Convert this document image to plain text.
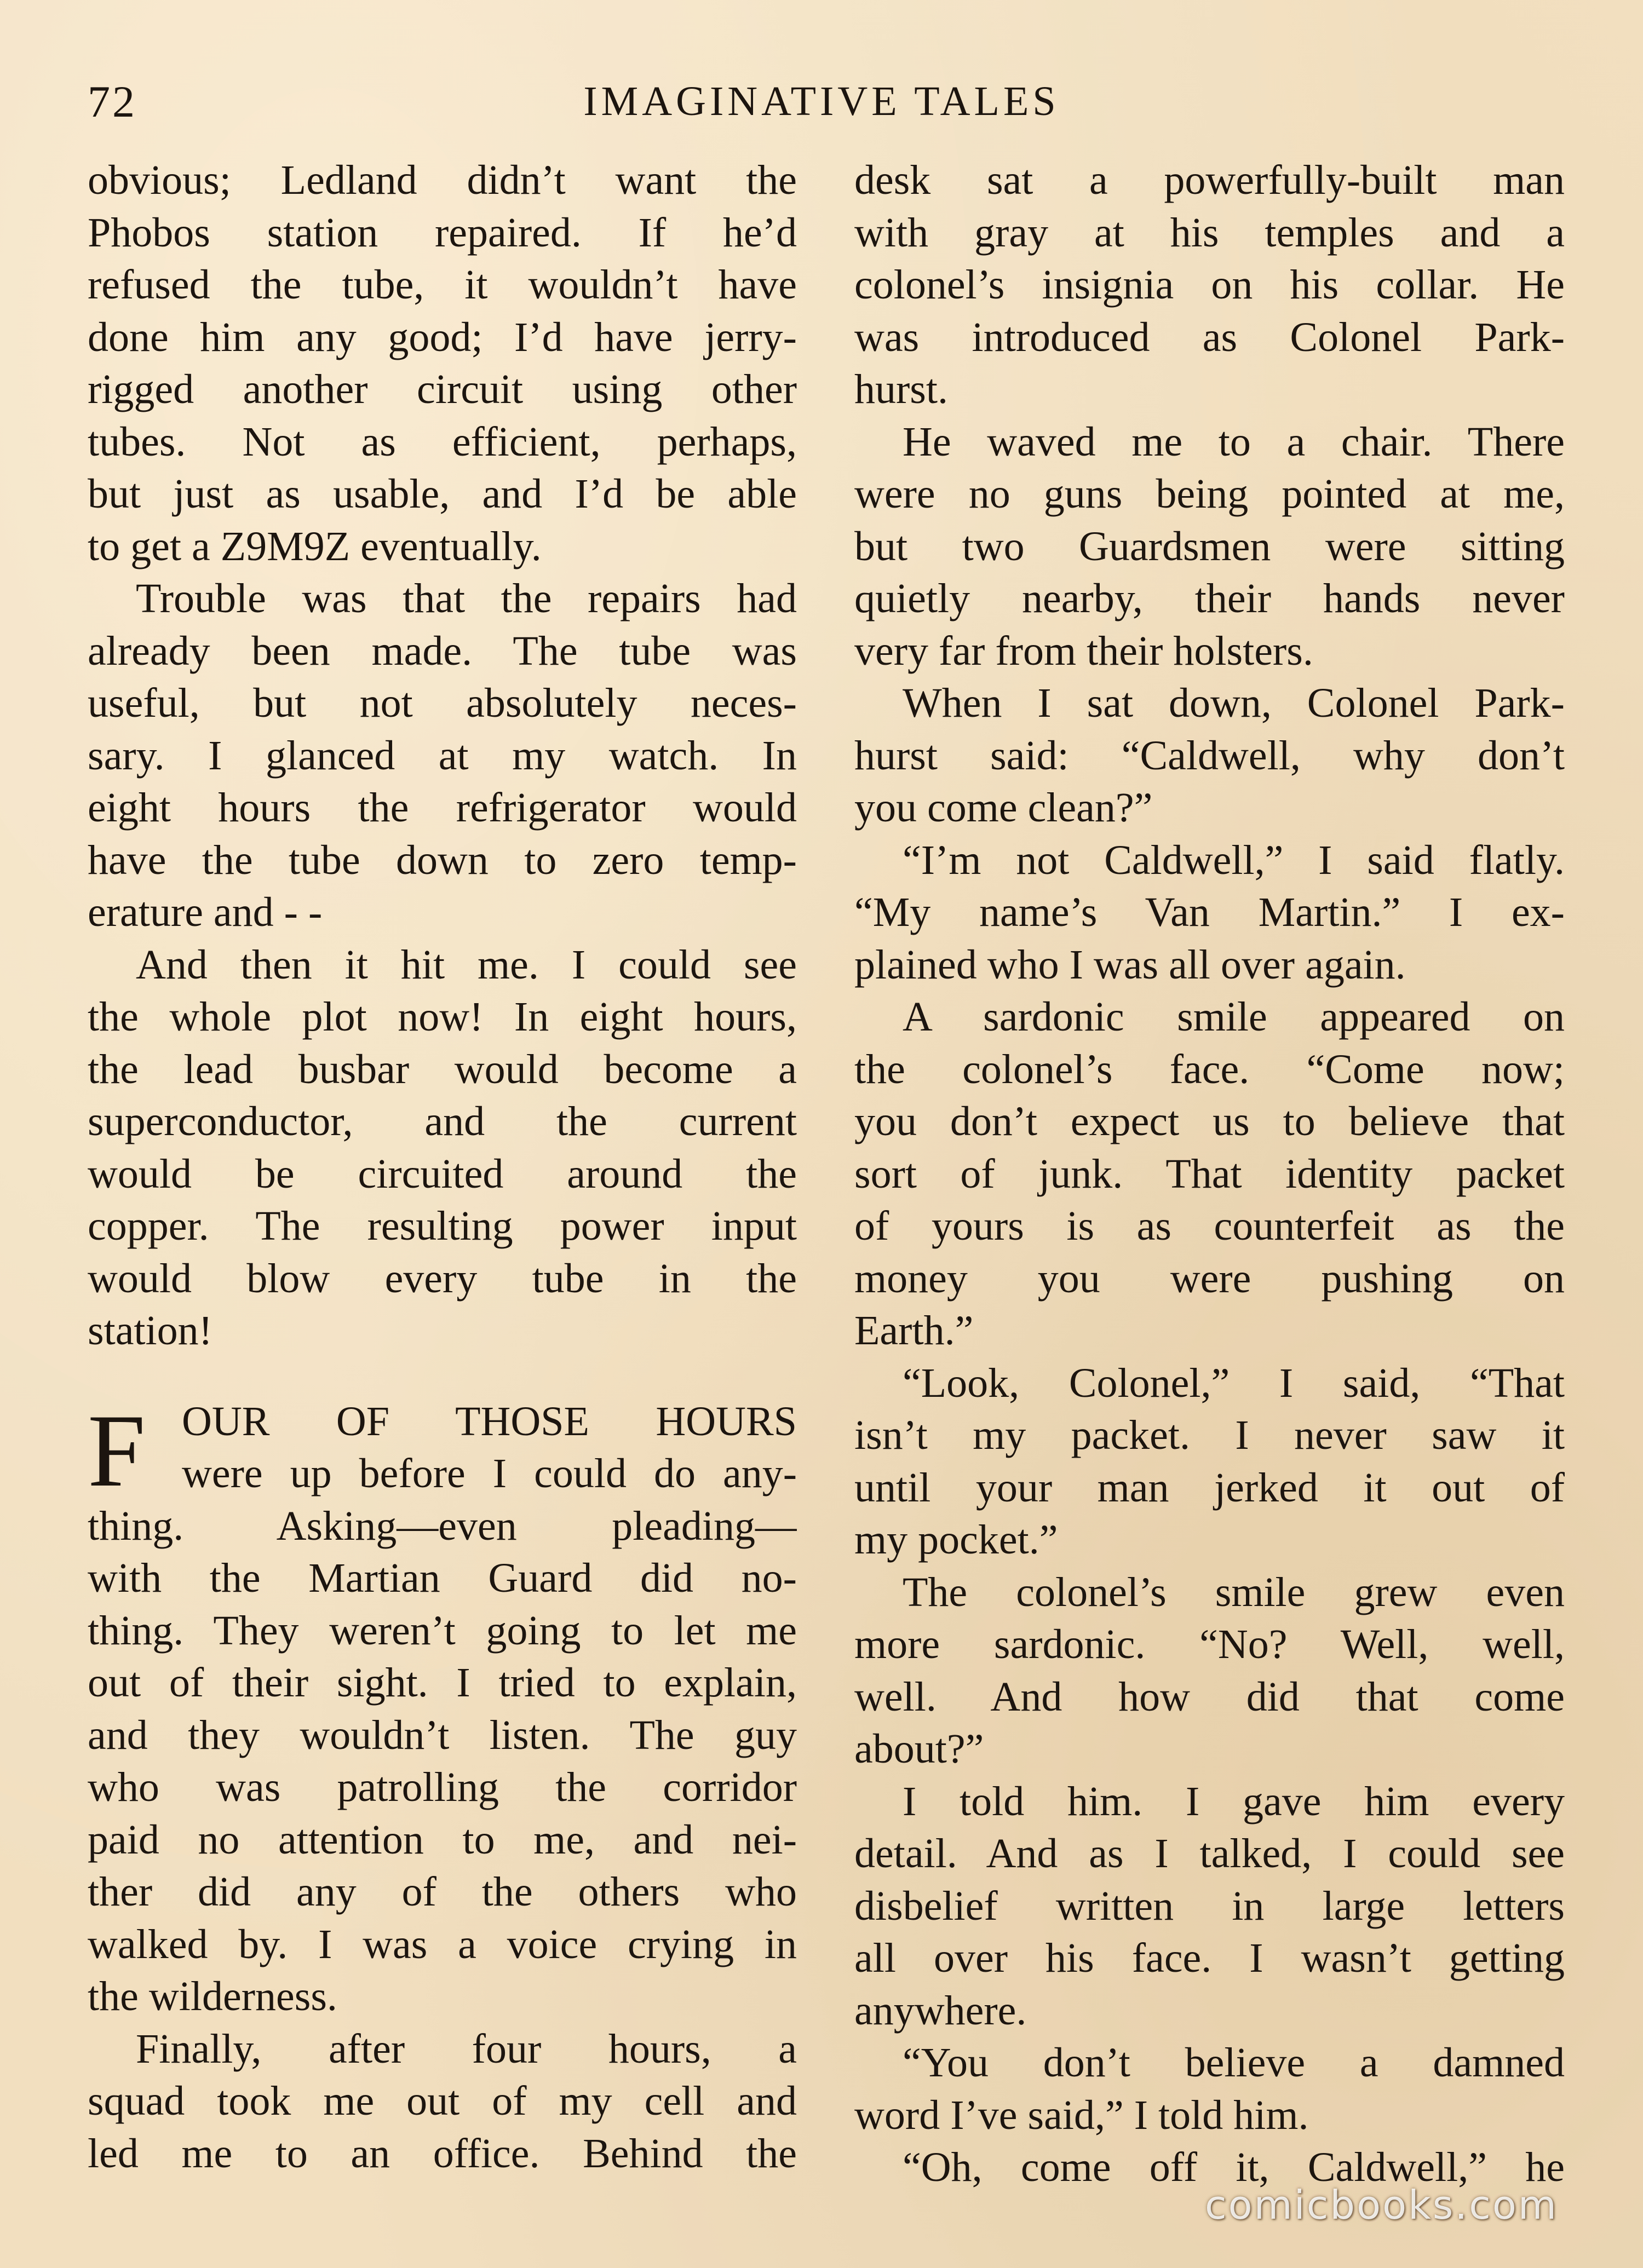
72	IMAGINATIVE TALES
obvious; Ledland didn’t want the
Phobos station repaired. If he’d
refused the tube, it wouldn’t have
done him any good; I’d have jerry-
rigged another circuit using other
tubes. Not as efficient, perhaps,
but just as usable, and I’d be able
to get a Z9M9Z eventually.
Trouble was that the repairs had
already been made. The tube was
useful, but not absolutely neces-
sary. I glanced at my watch. In
eight hours the refrigerator would
have the tube down to zero temp-
erature and - -
And then it hit me. I could see
the whole plot now! In eight hours,
the lead busbar would become a
superconductor, and the current
would be circuited around the
copper. The resulting power input
would blow every tube in the
station!
F OUR OF THOSE HOURS
were up before I could do any-
thing. Asking—even pleading—
with the Martian Guard did no-
thing. They weren’t going to let me
out of their sight. I tried to explain,
and they wouldn’t listen. The guy
who was patrolling the corridor
paid no attention to me, and nei-
ther did any of the others who
walked by. I was a voice crying in
the wilderness.
Finally, after four hours, a
squad took me out of my cell and
led me to an office. Behind the
desk sat a powerfully-built man
with gray at his temples and a
colonel’s insignia on his collar. He
was introduced as Colonel Park-
hurst.
He waved me to a chair. There
were no guns being pointed at me,
but two Guardsmen were sitting
quietly nearby, their hands never
very far from their holsters.
When I sat down, Colonel Park-
hurst said: “Caldwell, why don’t
you come clean?”
“I’m not Caldwell,” I said flatly.
“My name’s Van Martin.” I ex-
plained who I was all over again.
A sardonic smile appeared on
the colonel’s face. “Come now;
you don’t expect us to believe that
sort of junk. That identity packet
of yours is as counterfeit as the
money you were pushing on
Earth.”
“Look, Colonel,” I said, “That
isn’t my packet. I never saw it
until your man jerked it out of
my pocket.”
The colonel’s smile grew even
more sardonic. “No? Well, well,
well. And how did that come
about?”
I told him. I gave him every
detail. And as I talked, I could see
disbelief written in large letters
all over his face. I wasn’t getting
anywhere.
“You don’t believe a damned
word I’ve said,” I told him.
“Oh, come off it, Caldwell,” he
comicbooks.com
